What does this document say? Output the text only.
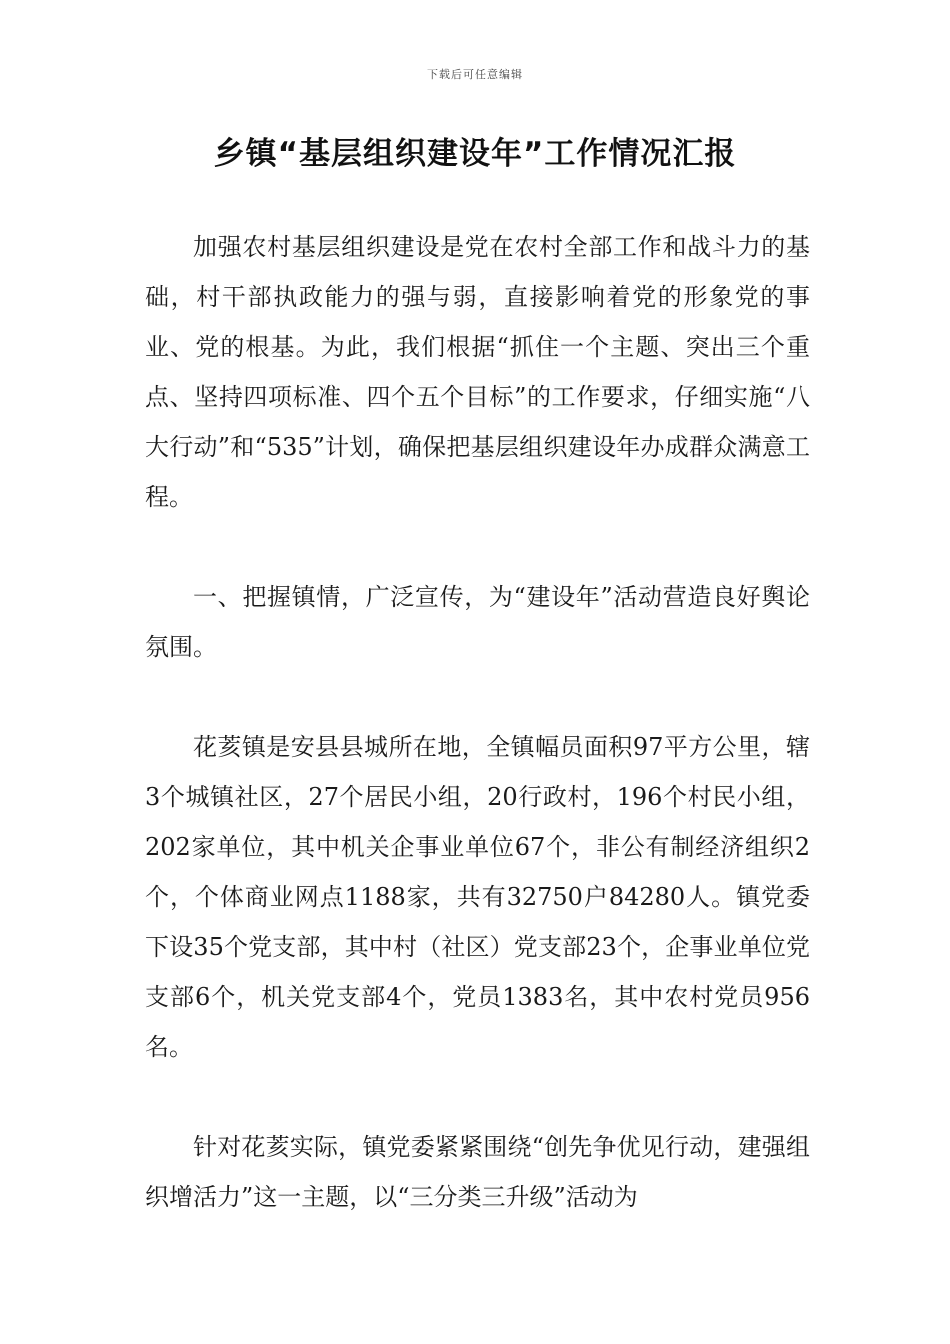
下载后可任意编辑
乡镇“基层组织建设年”工作情况汇报

加强农村基层组织建设是党在农村全部工作和战斗力的基础，村干部执政能力的强与弱，直接影响着党的形象党的事业、党的根基。为此，我们根据“抓住一个主题、突出三个重点、坚持四项标准、四个五个目标”的工作要求，仔细实施“八大行动”和“535”计划，确保把基层组织建设年办成群众满意工程。

一、把握镇情，广泛宣传，为“建设年”活动营造良好舆论氛围。

花荄镇是安县县城所在地，全镇幅员面积97平方公里，辖3个城镇社区，27个居民小组，20行政村，196个村民小组，202家单位，其中机关企事业单位67个，非公有制经济组织2个，个体商业网点1188家，共有32750户84280人。镇党委下设35个党支部，其中村（社区）党支部23个，企事业单位党支部6个，机关党支部4个，党员1383名，其中农村党员956名。

针对花荄实际，镇党委紧紧围绕“创先争优见行动，建强组织增活力”这一主题，以“三分类三升级”活动为
